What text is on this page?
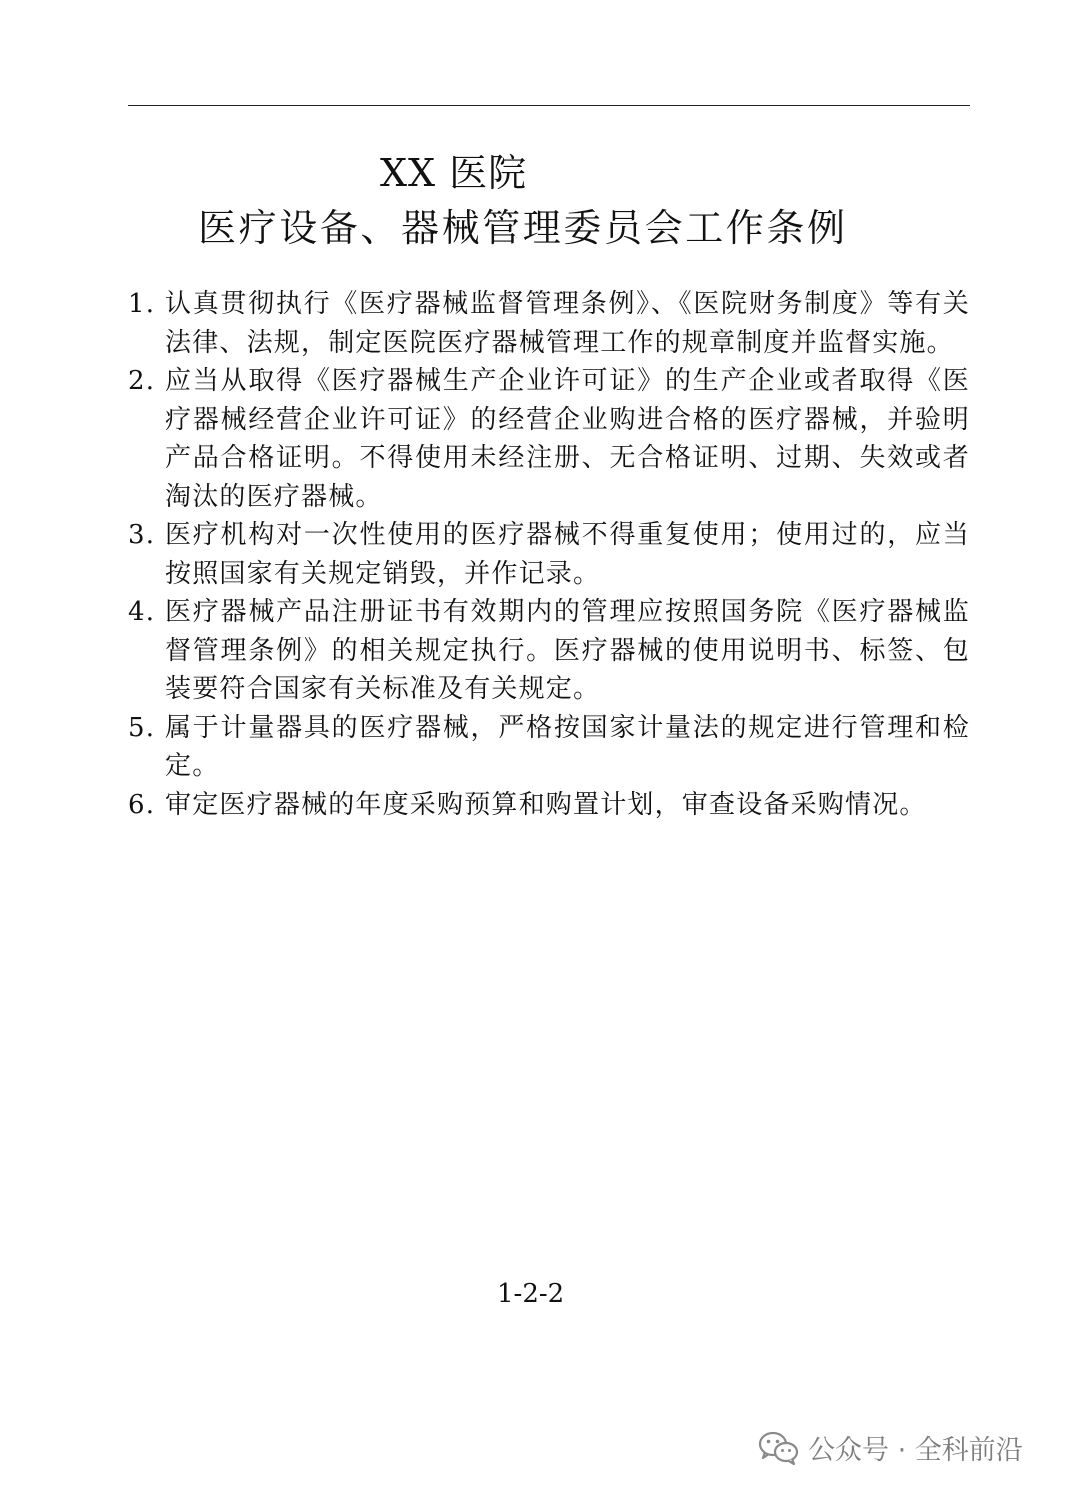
XX 医院
医疗设备、器械管理委员会工作条例
1. 认真贯彻执行《医疗器械监督管理条例》、《医院财务制度》等有关法律、法规，制定医院医疗器械管理工作的规章制度并监督实施。
2. 应当从取得《医疗器械生产企业许可证》的生产企业或者取得《医疗器械经营企业许可证》的经营企业购进合格的医疗器械，并验明产品合格证明。不得使用未经注册、无合格证明、过期、失效或者淘汰的医疗器械。
3. 医疗机构对一次性使用的医疗器械不得重复使用；使用过的，应当按照国家有关规定销毁，并作记录。
4. 医疗器械产品注册证书有效期内的管理应按照国务院《医疗器械监督管理条例》的相关规定执行。医疗器械的使用说明书、标签、包装要符合国家有关标准及有关规定。
5. 属于计量器具的医疗器械，严格按国家计量法的规定进行管理和检定。
6. 审定医疗器械的年度采购预算和购置计划，审查设备采购情况。
1-2-2
公众号 · 全科前沿
